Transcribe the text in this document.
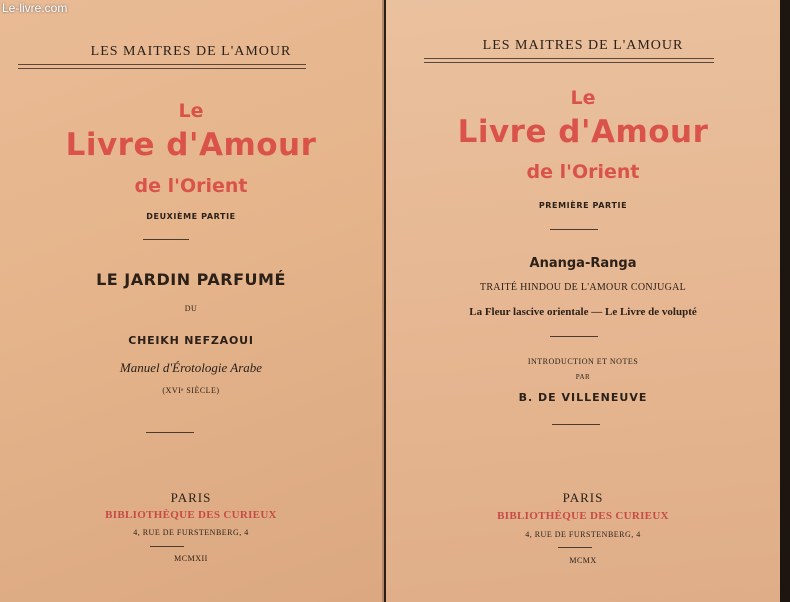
Le-livre.com
LES MAITRES DE L'AMOUR
Le
Livre d'Amour
de l'Orient
DEUXIÈME PARTIE
LE JARDIN PARFUMÉ
DU
CHEIKH NEFZAOUI
Manuel d'Érotologie Arabe
(XVIᵉ SIÈCLE)
PARIS
BIBLIOTHÈQUE DES CURIEUX
4, RUE DE FURSTENBERG, 4
MCMXII
LES MAITRES DE L'AMOUR
Le
Livre d'Amour
de l'Orient
PREMIÈRE PARTIE
Ananga-Ranga
TRAITÉ HINDOU DE L'AMOUR CONJUGAL
La Fleur lascive orientale — Le Livre de volupté
INTRODUCTION ET NOTES
PAR
B. DE VILLENEUVE
PARIS
BIBLIOTHÈQUE DES CURIEUX
4, RUE DE FURSTENBERG, 4
MCMX
